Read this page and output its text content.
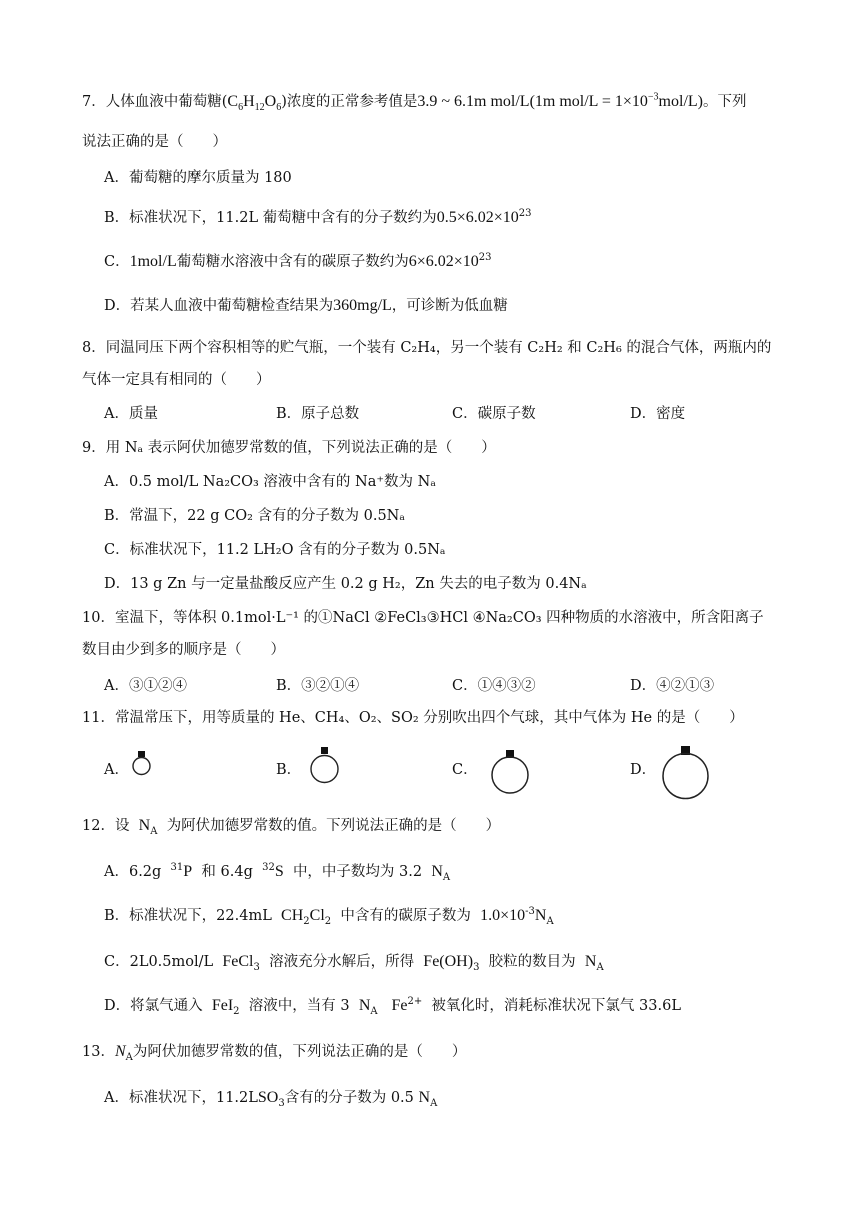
7．人体血液中葡萄糖$(C_6H_{12}O_6)$浓度的正常参考值是3.9 ~ 6.1m mol/L(1m $mol/L = 1\times 10^{-3}mol/L$)。下列
说法正确的是（　　）
A．葡萄糖的摩尔质量为 180
B．标准状况下，11.2L 葡萄糖中含有的分子数约为$0.5\times 6.02\times 10^{23}$
C．1mol/L葡萄糖水溶液中含有的碳原子数约为$6\times 6.02\times 10^{23}$
D．若某人血液中葡萄糖检查结果为360mg/L，可诊断为低血糖
8．同温同压下两个容积相等的贮气瓶，一个装有 C₂H₄，另一个装有 C₂H₂ 和 C₂H₆ 的混合气体，两瓶内的
气体一定具有相同的（　　）
A．质量	B．原子总数	C．碳原子数	D．密度
9．用 Nₐ 表示阿伏加德罗常数的值，下列说法正确的是（　　）
A．0.5 mol/L Na₂CO₃ 溶液中含有的 Na⁺数为 Nₐ
B．常温下，22 g CO₂ 含有的分子数为 0.5Nₐ
C．标准状况下，11.2 LH₂O 含有的分子数为 0.5Nₐ
D．13 g Zn 与一定量盐酸反应产生 0.2 g H₂，Zn 失去的电子数为 0.4Nₐ
10．室温下，等体积 0.1mol·L⁻¹ 的①NaCl ②FeCl₃③HCl ④Na₂CO₃ 四种物质的水溶液中，所含阳离子
数目由少到多的顺序是（　　）
A．③①②④	B．③②①④	C．①④③②	D．④②①③
11．常温常压下，用等质量的 He、CH₄、O₂、SO₂ 分别吹出四个气球，其中气体为 He 的是（　　）
A．	B．	C．	D．
12．设 $N_A$ 为阿伏加德罗常数的值。下列说法正确的是（　　）
A．6.2g $^{31}$P 和 6.4g $^{32}$S 中，中子数均为 3.2 $N_A$
B．标准状况下，22.4mL $CH_2Cl_2$ 中含有的碳原子数为 $1.0\times 10^{-3}N_A$
C．2L0.5mol/L FeCl$_3$ 溶液充分水解后，所得 $Fe(OH)_3$ 胶粒的数目为 $N_A$
D．将氯气通入 FeI$_2$ 溶液中，当有 3 $N_A$ $Fe^{2+}$ 被氧化时，消耗标准状况下氯气 33.6L
13．$N_A$为阿伏加德罗常数的值，下列说法正确的是（　　）
A．标准状况下，$11.2LSO_3$含有的分子数为 0.5 $N_A$
